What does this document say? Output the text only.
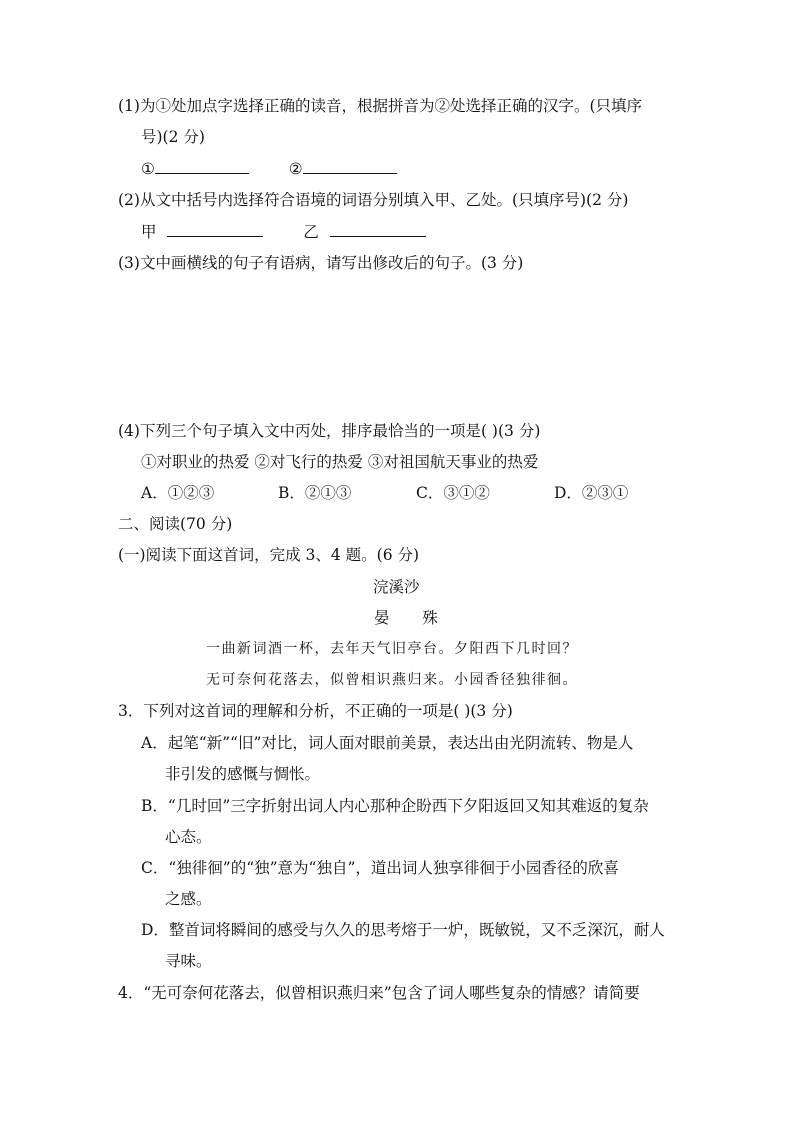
(1)为①处加点字选择正确的读音，根据拼音为②处选择正确的汉字。(只填序
号)(2 分)
①	②
(2)从文中括号内选择符合语境的词语分别填入甲、乙处。(只填序号)(2 分)
甲	乙
(3)文中画横线的句子有语病，请写出修改后的句子。(3 分)
(4)下列三个句子填入文中丙处，排序最恰当的一项是( )(3 分)
①对职业的热爱 ②对飞行的热爱 ③对祖国航天事业的热爱
A．①②③	B．②①③	C．③①②	D．②③①
二、阅读(70 分)
(一)阅读下面这首词，完成 3、4 题。(6 分)
浣溪沙
晏 殊
一曲新词酒一杯，去年天气旧亭台。夕阳西下几时回？
无可奈何花落去，似曾相识燕归来。小园香径独徘徊。
3．下列对这首词的理解和分析，不正确的一项是( )(3 分)
A．起笔“新”“旧”对比，词人面对眼前美景，表达出由光阴流转、物是人
非引发的感慨与惆怅。
B．“几时回”三字折射出词人内心那种企盼西下夕阳返回又知其难返的复杂
心态。
C．“独徘徊”的“独”意为“独自”，道出词人独享徘徊于小园香径的欣喜
之感。
D．整首词将瞬间的感受与久久的思考熔于一炉，既敏锐，又不乏深沉，耐人
寻味。
4．“无可奈何花落去，似曾相识燕归来”包含了词人哪些复杂的情感？请简要
